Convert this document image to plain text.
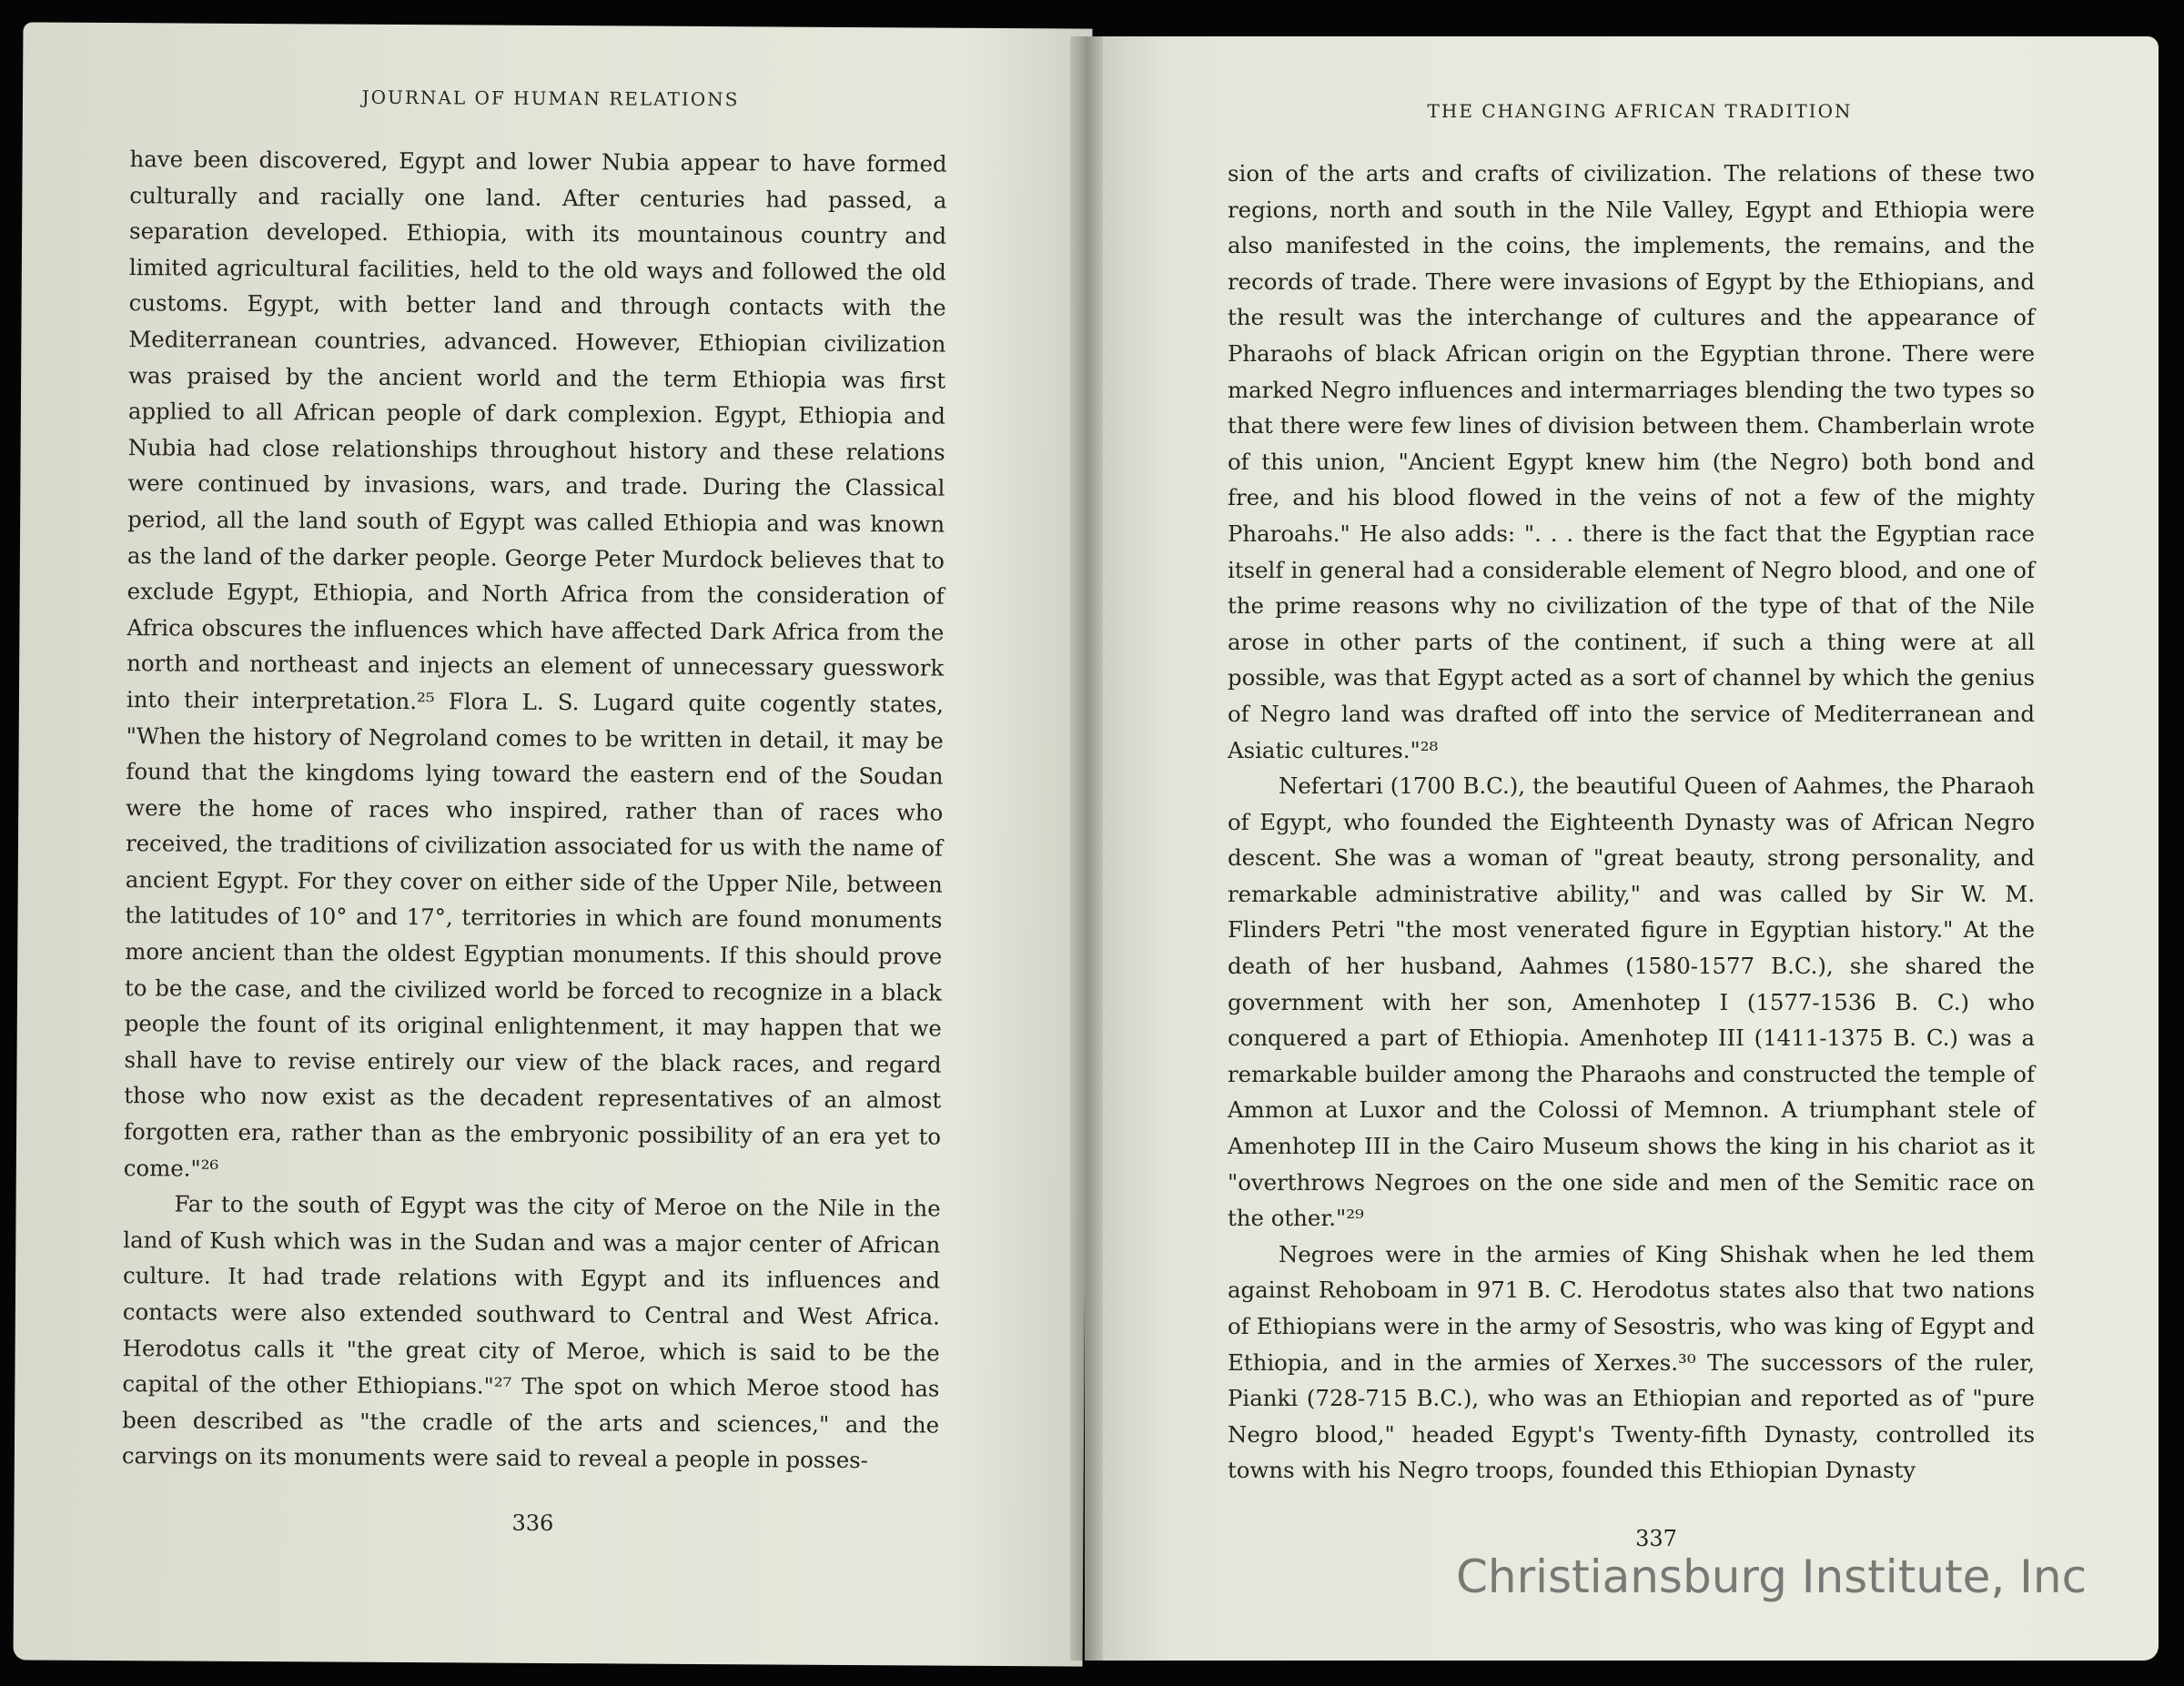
JOURNAL OF HUMAN RELATIONS

have been discovered, Egypt and lower Nubia appear to have formed culturally and racially one land. After centuries had passed, a separation developed. Ethiopia, with its mountainous country and limited agricultural facilities, held to the old ways and followed the old customs. Egypt, with better land and through contacts with the Mediterranean countries, advanced. However, Ethiopian civilization was praised by the ancient world and the term Ethiopia was first applied to all African people of dark complexion. Egypt, Ethiopia and Nubia had close relationships throughout history and these relations were continued by invasions, wars, and trade. During the Classical period, all the land south of Egypt was called Ethiopia and was known as the land of the darker people. George Peter Murdock believes that to exclude Egypt, Ethiopia, and North Africa from the consideration of Africa obscures the influences which have affected Dark Africa from the north and northeast and injects an element of unnecessary guesswork into their interpretation.²⁵ Flora L. S. Lugard quite cogently states, "When the history of Negroland comes to be written in detail, it may be found that the kingdoms lying toward the eastern end of the Soudan were the home of races who inspired, rather than of races who received, the traditions of civilization associated for us with the name of ancient Egypt. For they cover on either side of the Upper Nile, between the latitudes of 10° and 17°, territories in which are found monuments more ancient than the oldest Egyptian monuments. If this should prove to be the case, and the civilized world be forced to recognize in a black people the fount of its original enlightenment, it may happen that we shall have to revise entirely our view of the black races, and regard those who now exist as the decadent representatives of an almost forgotten era, rather than as the embryonic possibility of an era yet to come."²⁶

Far to the south of Egypt was the city of Meroe on the Nile in the land of Kush which was in the Sudan and was a major center of African culture. It had trade relations with Egypt and its influences and contacts were also extended southward to Central and West Africa. Herodotus calls it "the great city of Meroe, which is said to be the capital of the other Ethiopians."²⁷ The spot on which Meroe stood has been described as "the cradle of the arts and sciences," and the carvings on its monuments were said to reveal a people in posses-

336
THE CHANGING AFRICAN TRADITION

sion of the arts and crafts of civilization. The relations of these two regions, north and south in the Nile Valley, Egypt and Ethiopia were also manifested in the coins, the implements, the remains, and the records of trade. There were invasions of Egypt by the Ethiopians, and the result was the interchange of cultures and the appearance of Pharaohs of black African origin on the Egyptian throne. There were marked Negro influences and intermarriages blending the two types so that there were few lines of division between them. Chamberlain wrote of this union, "Ancient Egypt knew him (the Negro) both bond and free, and his blood flowed in the veins of not a few of the mighty Pharoahs." He also adds: ". . . there is the fact that the Egyptian race itself in general had a considerable element of Negro blood, and one of the prime reasons why no civilization of the type of that of the Nile arose in other parts of the continent, if such a thing were at all possible, was that Egypt acted as a sort of channel by which the genius of Negro land was drafted off into the service of Mediterranean and Asiatic cultures."²⁸

Nefertari (1700 B.C.), the beautiful Queen of Aahmes, the Pharaoh of Egypt, who founded the Eighteenth Dynasty was of African Negro descent. She was a woman of "great beauty, strong personality, and remarkable administrative ability," and was called by Sir W. M. Flinders Petri "the most venerated figure in Egyptian history." At the death of her husband, Aahmes (1580-1577 B.C.), she shared the government with her son, Amenhotep I (1577-1536 B. C.) who conquered a part of Ethiopia. Amenhotep III (1411-1375 B. C.) was a remarkable builder among the Pharaohs and constructed the temple of Ammon at Luxor and the Colossi of Memnon. A triumphant stele of Amenhotep III in the Cairo Museum shows the king in his chariot as it "overthrows Negroes on the one side and men of the Semitic race on the other."²⁹

Negroes were in the armies of King Shishak when he led them against Rehoboam in 971 B. C. Herodotus states also that two nations of Ethiopians were in the army of Sesostris, who was king of Egypt and Ethiopia, and in the armies of Xerxes.³⁰ The successors of the ruler, Pianki (728-715 B.C.), who was an Ethiopian and reported as of "pure Negro blood," headed Egypt's Twenty-fifth Dynasty, controlled its towns with his Negro troops, founded this Ethiopian Dynasty

337
Christiansburg Institute, Inc
